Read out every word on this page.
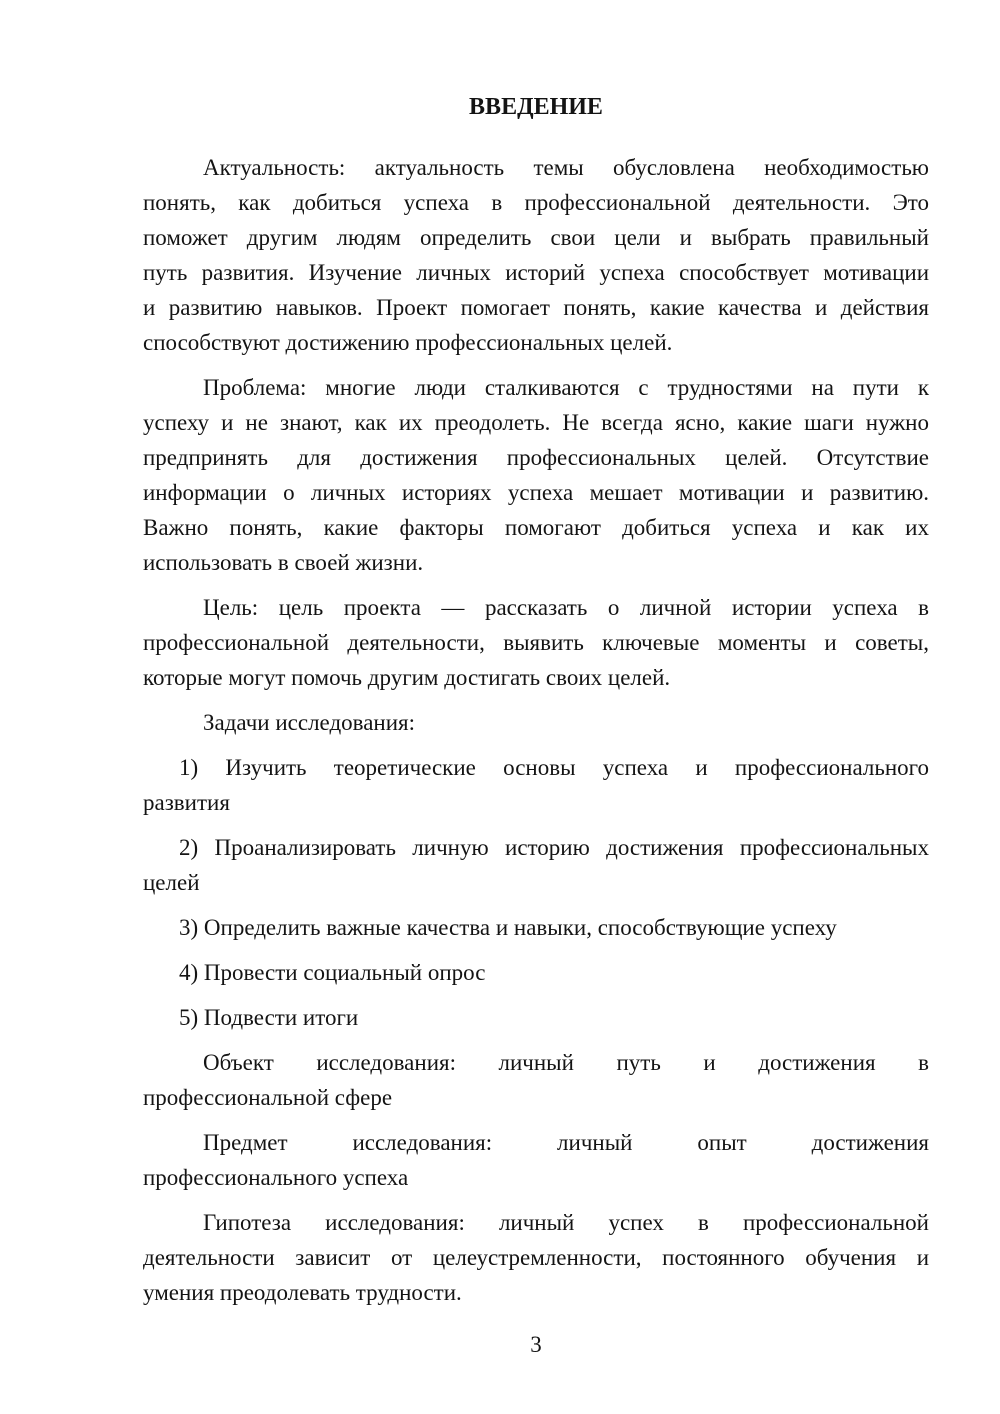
ВВЕДЕНИЕ

Актуальность: актуальность темы обусловлена необходимостью
понять, как добиться успеха в профессиональной деятельности. Это
поможет другим людям определить свои цели и выбрать правильный
путь развития. Изучение личных историй успеха способствует мотивации
и развитию навыков. Проект помогает понять, какие качества и действия
способствуют достижению профессиональных целей.

Проблема: многие люди сталкиваются с трудностями на пути к
успеху и не знают, как их преодолеть. Не всегда ясно, какие шаги нужно
предпринять для достижения профессиональных целей. Отсутствие
информации о личных историях успеха мешает мотивации и развитию.
Важно понять, какие факторы помогают добиться успеха и как их
использовать в своей жизни.

Цель: цель проекта — рассказать о личной истории успеха в
профессиональной деятельности, выявить ключевые моменты и советы,
которые могут помочь другим достигать своих целей.

Задачи исследования:

1) Изучить теоретические основы успеха и профессионального
развития

2) Проанализировать личную историю достижения профессиональных
целей

3) Определить важные качества и навыки, способствующие успеху

4) Провести социальный опрос

5) Подвести итоги

Объект исследования: личный путь и достижения в
профессиональной сфере

Предмет исследования: личный опыт достижения
профессионального успеха

Гипотеза исследования: личный успех в профессиональной
деятельности зависит от целеустремленности, постоянного обучения и
умения преодолевать трудности.

3
